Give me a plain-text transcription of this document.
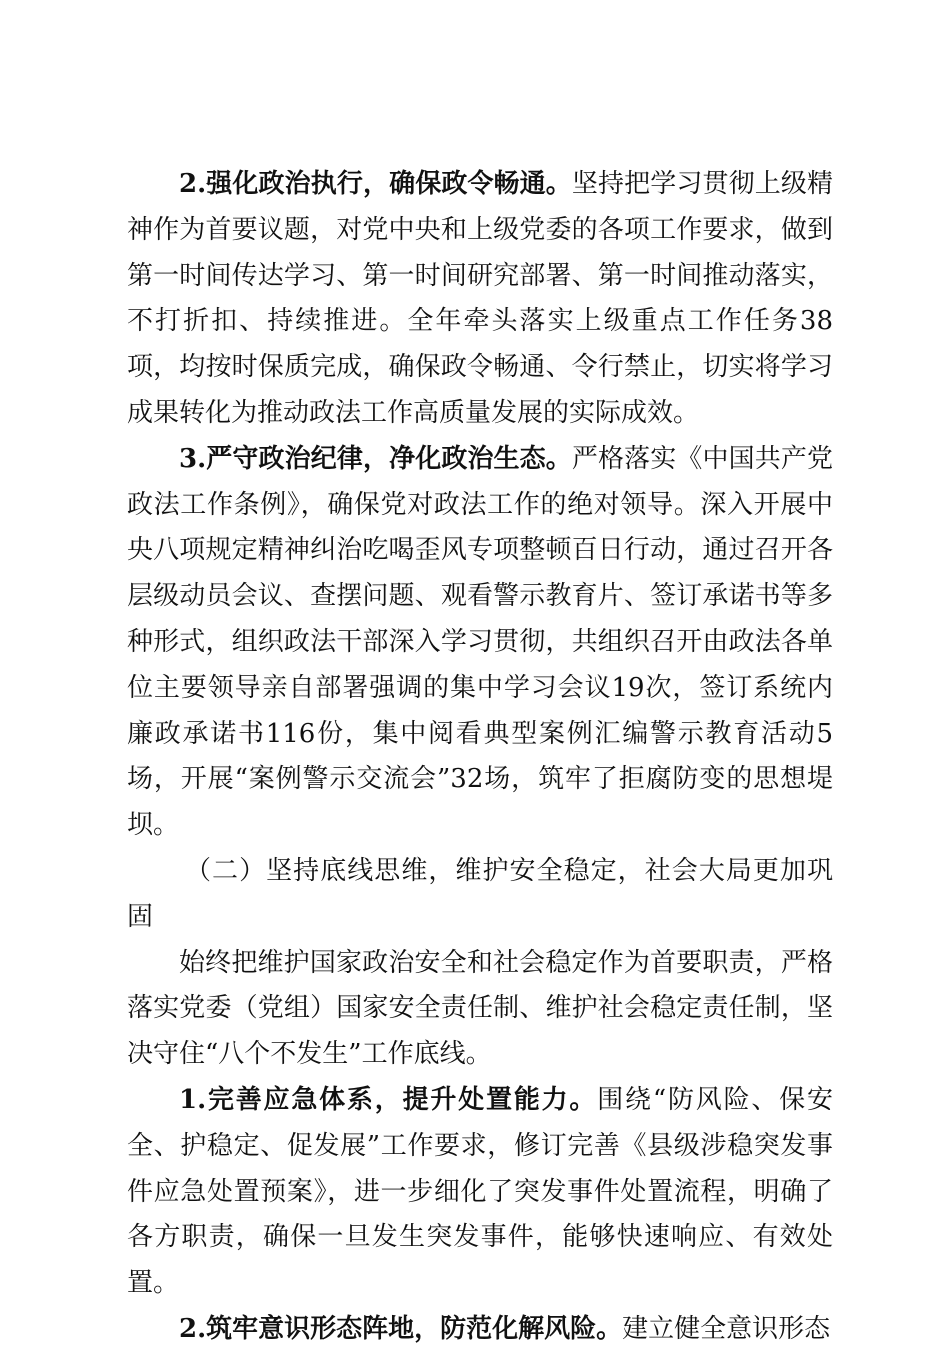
2.强化政治执行，确保政令畅通。坚持把学习贯彻上级精神作为首要议题，对党中央和上级党委的各项工作要求，做到第一时间传达学习、第一时间研究部署、第一时间推动落实，不打折扣、持续推进。全年牵头落实上级重点工作任务38项，均按时保质完成，确保政令畅通、令行禁止，切实将学习成果转化为推动政法工作高质量发展的实际成效。

3.严守政治纪律，净化政治生态。严格落实《中国共产党政法工作条例》，确保党对政法工作的绝对领导。深入开展中央八项规定精神纠治吃喝歪风专项整顿百日行动，通过召开各层级动员会议、查摆问题、观看警示教育片、签订承诺书等多种形式，组织政法干部深入学习贯彻，共组织召开由政法各单位主要领导亲自部署强调的集中学习会议19次，签订系统内廉政承诺书116份，集中阅看典型案例汇编警示教育活动5场，开展“案例警示交流会”32场，筑牢了拒腐防变的思想堤坝。

（二）坚持底线思维，维护安全稳定，社会大局更加巩固

始终把维护国家政治安全和社会稳定作为首要职责，严格落实党委（党组）国家安全责任制、维护社会稳定责任制，坚决守住“八个不发生”工作底线。

1.完善应急体系，提升处置能力。围绕“防风险、保安全、护稳定、促发展”工作要求，修订完善《县级涉稳突发事件应急处置预案》，进一步细化了突发事件处置流程，明确了各方职责，确保一旦发生突发事件，能够快速响应、有效处置。

2.筑牢意识形态阵地，防范化解风险。建立健全意识形态
